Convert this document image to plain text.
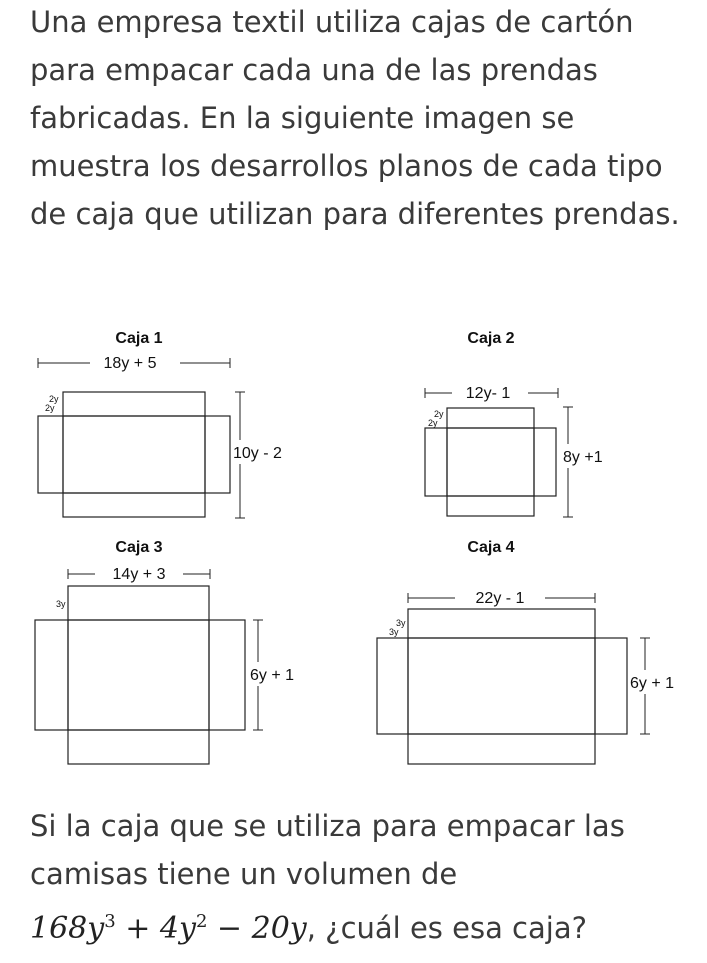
Una empresa textil utiliza cajas de cartón para empacar cada una de las prendas fabricadas. En la siguiente imagen se muestra los desarrollos planos de cada tipo de caja que utilizan para diferentes prendas.

Caja 1
18y + 5
2y
2y
10y - 2
Caja 2
12y- 1
2y
2y
8y +1
Caja 3
14y + 3
3y
6y + 1
Caja 4
22y - 1
3y
3y
6y + 1

Si la caja que se utiliza para empacar las camisas tiene un volumen de
$168y^3 + 4y^2 - 20y$, ¿cuál es esa caja?
